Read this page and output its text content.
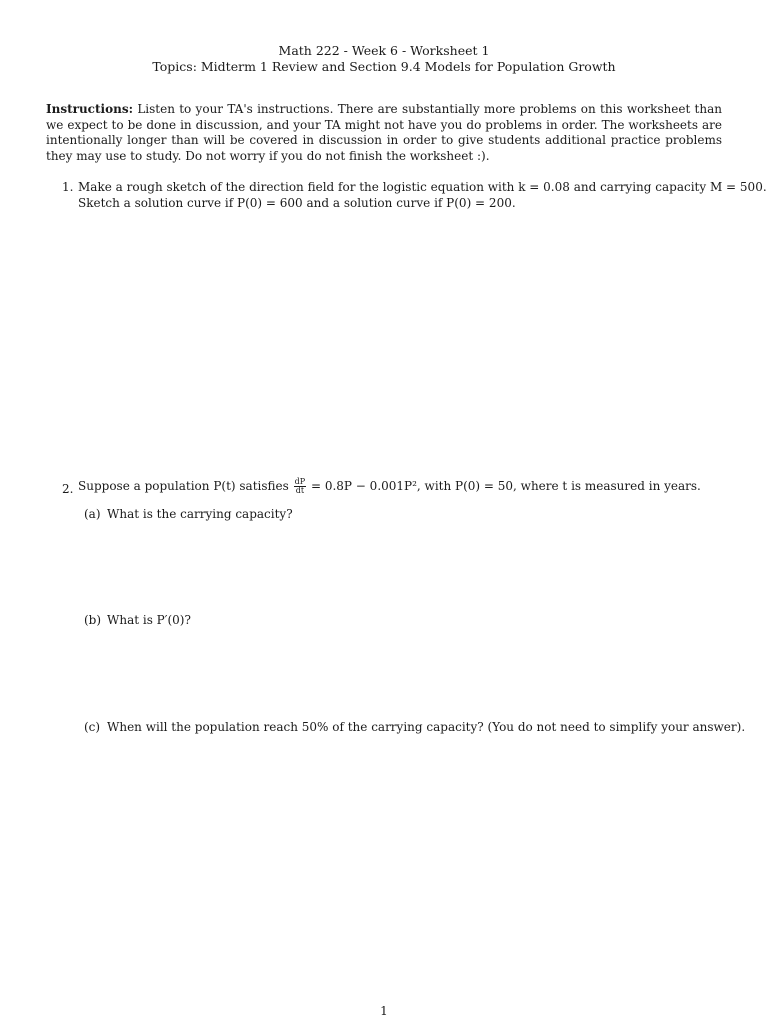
Math 222 - Week 6 - Worksheet 1
Topics: Midterm 1 Review and Section 9.4 Models for Population Growth
Instructions: Listen to your TA's instructions. There are substantially more problems on this worksheet than we expect to be done in discussion, and your TA might not have you do problems in order. The worksheets are intentionally longer than will be covered in discussion in order to give students additional practice problems they may use to study. Do not worry if you do not finish the worksheet :).
1. Make a rough sketch of the direction field for the logistic equation with k = 0.08 and carrying capacity M = 500.
Sketch a solution curve if P(0) = 600 and a solution curve if P(0) = 200.
2. Suppose a population P(t) satisfies $\frac{dP}{dt} = 0.8P - 0.001P^2$, with P(0) = 50, where t is measured in years.
(a) What is the carrying capacity?
(b) What is P′(0)?
(c) When will the population reach 50% of the carrying capacity? (You do not need to simplify your answer).
1
